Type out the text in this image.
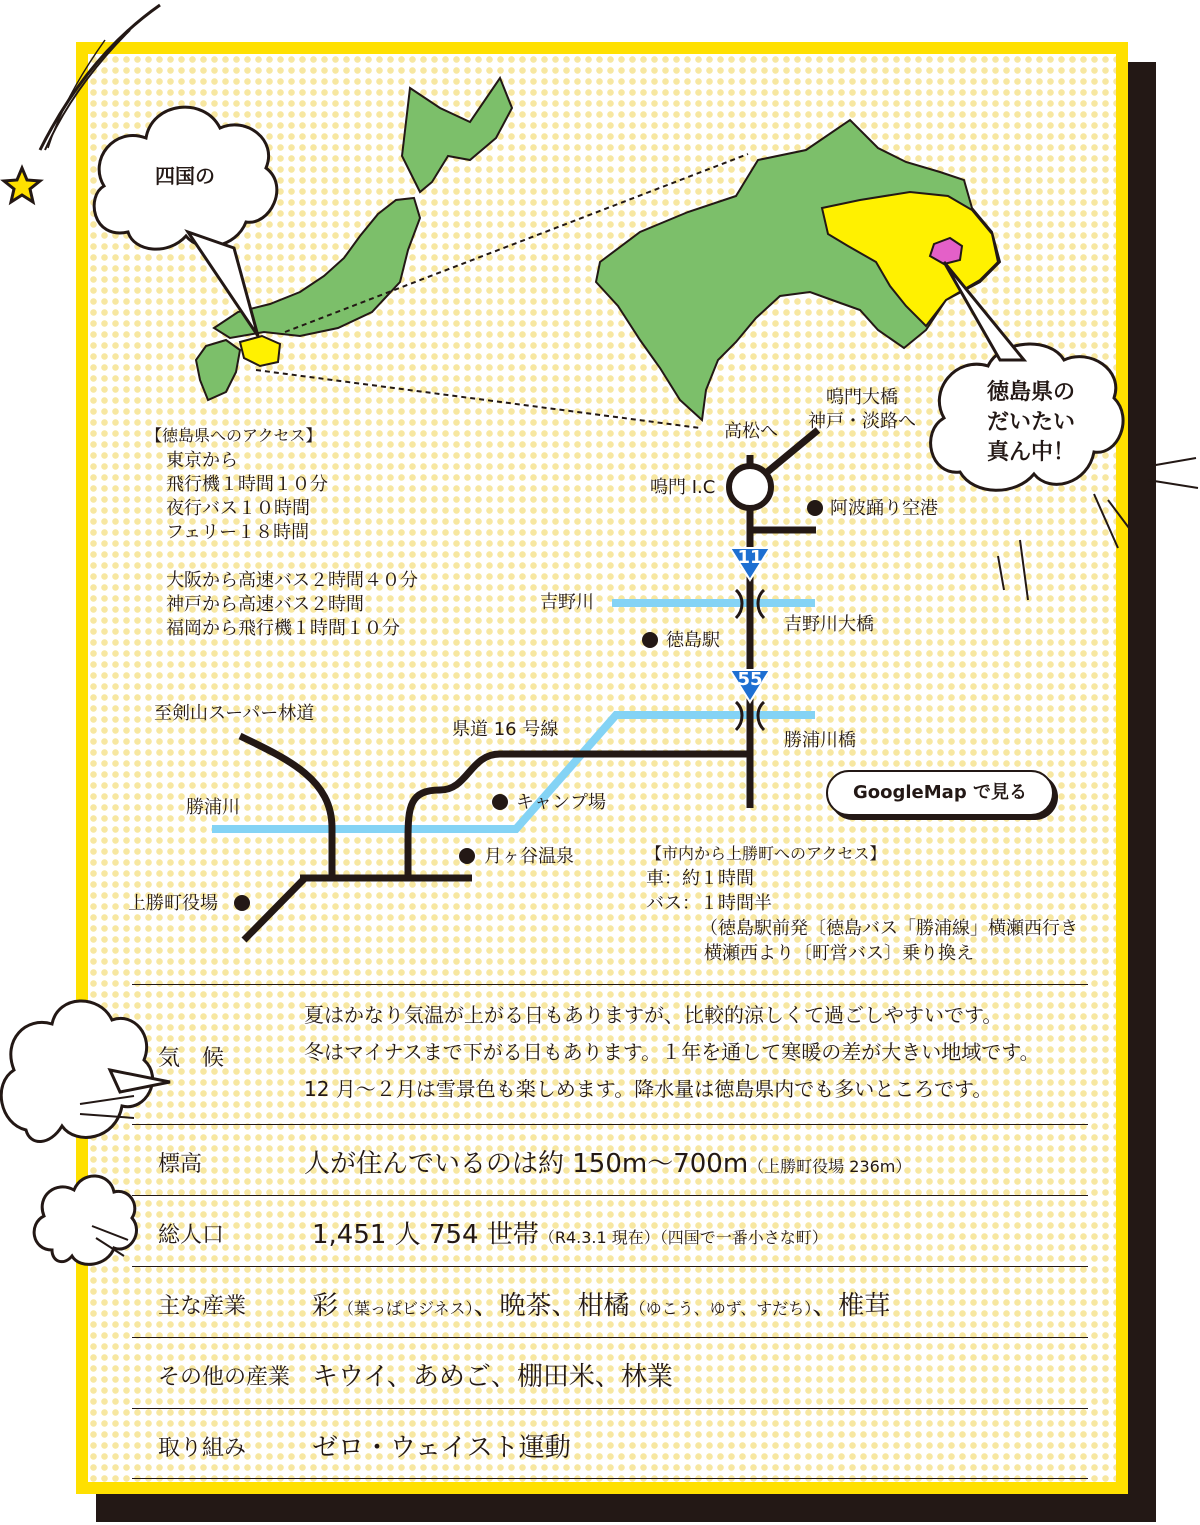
四国の
徳島県の
だいたい
真ん中！
【徳島県へのアクセス】
東京から
飛行機１時間１０分
夜行バス１０時間
フェリー１８時間
大阪から高速バス２時間４０分
神戸から高速バス２時間
福岡から飛行機１時間１０分
鳴門大橋
神戸・淡路へ
高松へ
鳴門 I.C
阿波踊り空港
11
55
吉野川
吉野川大橋
徳島駅
県道 16 号線
勝浦川橋
至剣山スーパー林道
勝浦川	キャンプ場
月ヶ谷温泉
上勝町役場
GoogleMap で見る
【市内から上勝町へのアクセス】
車：約１時間
バス：１時間半
（徳島駅前発〔徳島バス「勝浦線」横瀬西行き
横瀬西より〔町営バス〕乗り換え
気　候
夏はかなり気温が上がる日もありますが、比較的涼しくて過ごしやすいです。
冬はマイナスまで下がる日もあります。１年を通して寒暖の差が大きい地域です。
12 月〜２月は雪景色も楽しめます。降水量は徳島県内でも多いところです。
標高	人が住んでいるのは約 150m〜700m（上勝町役場 236m）
総人口	1,451 人 754 世帯（R4.3.1 現在）（四国で一番小さな町）
主な産業	彩（葉っぱビジネス）、晩茶、柑橘（ゆこう、ゆず、すだち）、椎茸
その他の産業 キウイ、あめご、棚田米、林業
取り組み	ゼロ・ウェイスト運動
